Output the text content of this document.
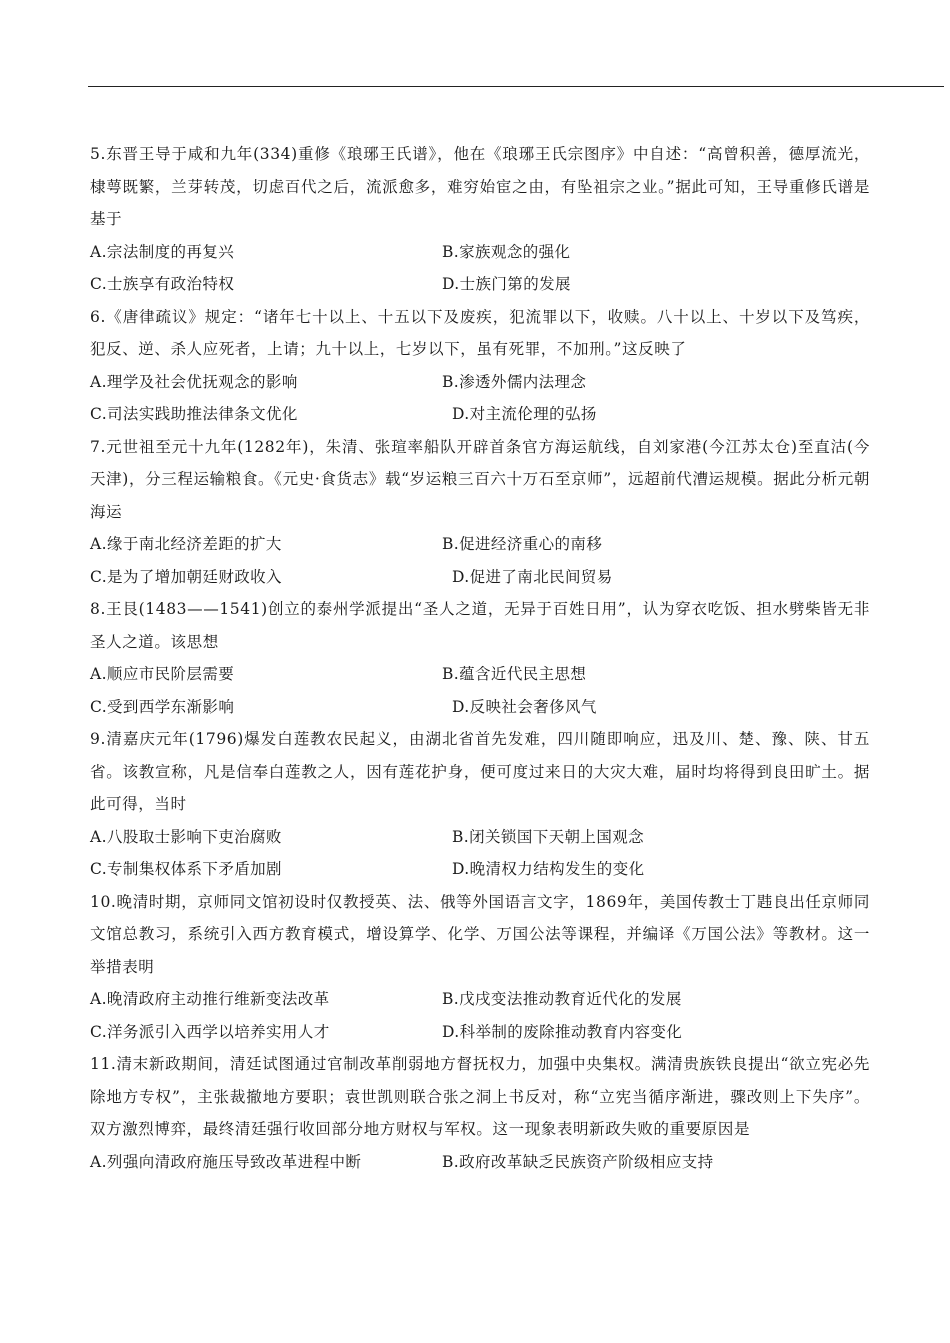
5.东晋王导于咸和九年(334)重修《琅琊王氏谱》，他在《琅琊王氏宗图序》中自述：“高曾积善，德厚流光，棣萼既繁，兰芽转茂，切虑百代之后，流派愈多，难穷始宦之由，有坠祖宗之业。”据此可知，王导重修氏谱是基于

A.宗法制度的再复兴	B.家族观念的强化
C.士族享有政治特权	D.士族门第的发展

6.《唐律疏议》规定：“诸年七十以上、十五以下及废疾，犯流罪以下，收赎。八十以上、十岁以下及笃疾，犯反、逆、杀人应死者，上请；九十以上，七岁以下，虽有死罪，不加刑。”这反映了

A.理学及社会优抚观念的影响	B.渗透外儒内法理念
C.司法实践助推法律条文优化	D.对主流伦理的弘扬

7.元世祖至元十九年(1282年)，朱清、张瑄率船队开辟首条官方海运航线，自刘家港(今江苏太仓)至直沽(今天津)，分三程运输粮食。《元史·食货志》载“岁运粮三百六十万石至京师”，远超前代漕运规模。据此分析元朝海运

A.缘于南北经济差距的扩大	B.促进经济重心的南移
C.是为了增加朝廷财政收入	D.促进了南北民间贸易

8.王艮(1483——1541)创立的泰州学派提出“圣人之道，无异于百姓日用”，认为穿衣吃饭、担水劈柴皆无非圣人之道。该思想

A.顺应市民阶层需要	B.蕴含近代民主思想
C.受到西学东渐影响	D.反映社会奢侈风气

9.清嘉庆元年(1796)爆发白莲教农民起义，由湖北省首先发难，四川随即响应，迅及川、楚、豫、陕、甘五省。该教宣称，凡是信奉白莲教之人，因有莲花护身，便可度过来日的大灾大难，届时均将得到良田旷土。据此可得，当时

A.八股取士影响下吏治腐败	B.闭关锁国下天朝上国观念
C.专制集权体系下矛盾加剧	D.晚清权力结构发生的变化

10.晚清时期，京师同文馆初设时仅教授英、法、俄等外国语言文字，1869年，美国传教士丁韪良出任京师同文馆总教习，系统引入西方教育模式，增设算学、化学、万国公法等课程，并编译《万国公法》等教材。这一举措表明

A.晚清政府主动推行维新变法改革	B.戊戌变法推动教育近代化的发展
C.洋务派引入西学以培养实用人才	D.科举制的废除推动教育内容变化

11.清末新政期间，清廷试图通过官制改革削弱地方督抚权力，加强中央集权。满清贵族铁良提出“欲立宪必先除地方专权”，主张裁撤地方要职；袁世凯则联合张之洞上书反对，称“立宪当循序渐进，骤改则上下失序”。双方激烈博弈，最终清廷强行收回部分地方财权与军权。这一现象表明新政失败的重要原因是

A.列强向清政府施压导致改革进程中断	B.政府改革缺乏民族资产阶级相应支持
